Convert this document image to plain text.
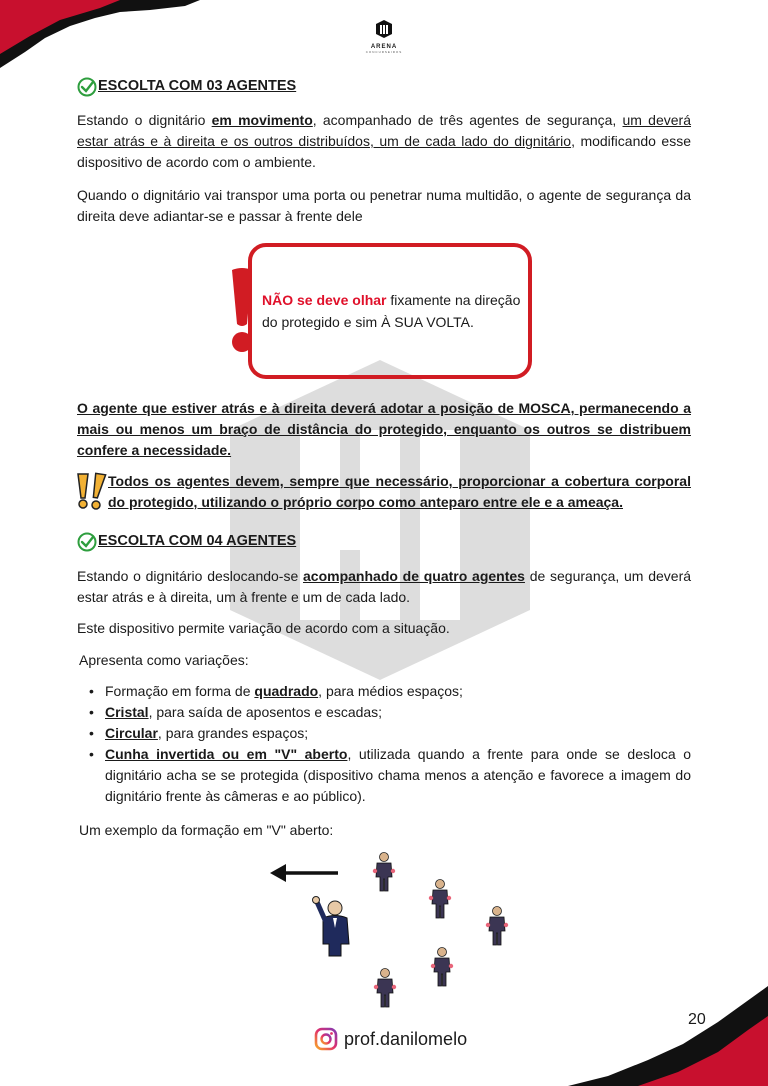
ARENA
CONCURSEIROS
ESCOLTA COM 03 AGENTES

Estando o dignitário em movimento, acompanhado de três agentes de segurança, um deverá estar atrás e à direita e os outros distribuídos, um de cada lado do dignitário, modificando esse dispositivo de acordo com o ambiente.

Quando o dignitário vai transpor uma porta ou penetrar numa multidão, o agente de segurança da direita deve adiantar-se e passar à frente dele

O agente que estiver atrás e à direita deverá adotar a posição de MOSCA, permanecendo a mais ou menos um braço de distância do protegido, enquanto os outros se distribuem confere a necessidade.

Todos os agentes devem, sempre que necessário, proporcionar a cobertura corporal do protegido, utilizando o próprio corpo como anteparo entre ele e a ameaça.

ESCOLTA COM 04 AGENTES

Estando o dignitário deslocando-se acompanhado de quatro agentes de segurança, um deverá estar atrás e à direita, um à frente e um de cada lado.

Este dispositivo permite variação de acordo com a situação.

Apresenta como variações:

• Formação em forma de quadrado, para médios espaços;
• Cristal, para saída de aposentos e escadas;
• Circular, para grandes espaços;
• Cunha invertida ou em "V" aberto, utilizada quando a frente para onde se desloca o dignitário acha se se protegida (dispositivo chama menos a atenção e favorece a imagem do dignitário frente às câmeras e ao público).

Um exemplo da formação em "V" aberto:

NÃO se deve olhar fixamente na direção do protegido e sim À SUA VOLTA.
20
prof.danilomelo
